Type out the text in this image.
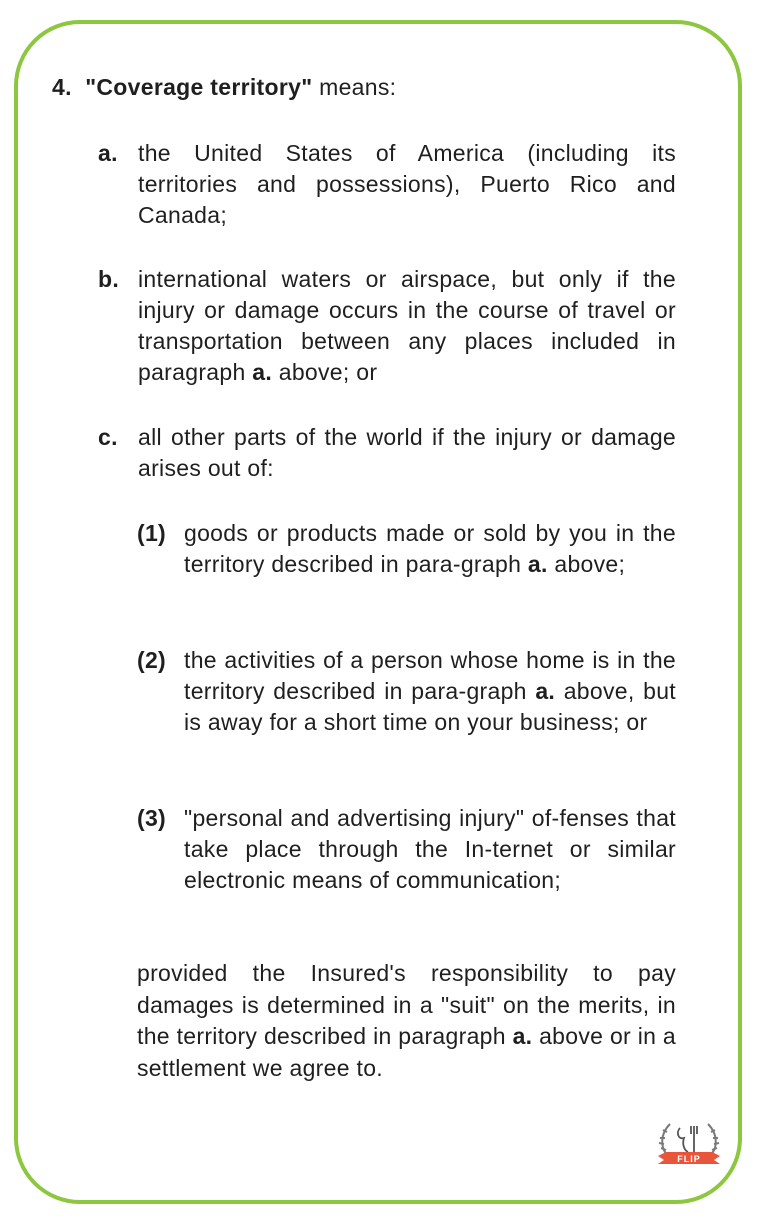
4. "Coverage territory" means:
a. the United States of America (including its territories and possessions), Puerto Rico and Canada;
b. international waters or airspace, but only if the injury or damage occurs in the course of travel or transportation between any places included in paragraph a. above; or
c. all other parts of the world if the injury or damage arises out of:
(1) goods or products made or sold by you in the territory described in para-graph a. above;
(2) the activities of a person whose home is in the territory described in para-graph a. above, but is away for a short time on your business; or
(3) "personal and advertising injury" of-fenses that take place through the In-ternet or similar electronic means of communication;
provided the Insured's responsibility to pay damages is determined in a "suit" on the merits, in the territory described in paragraph a. above or in a settlement we agree to.
FLIP
